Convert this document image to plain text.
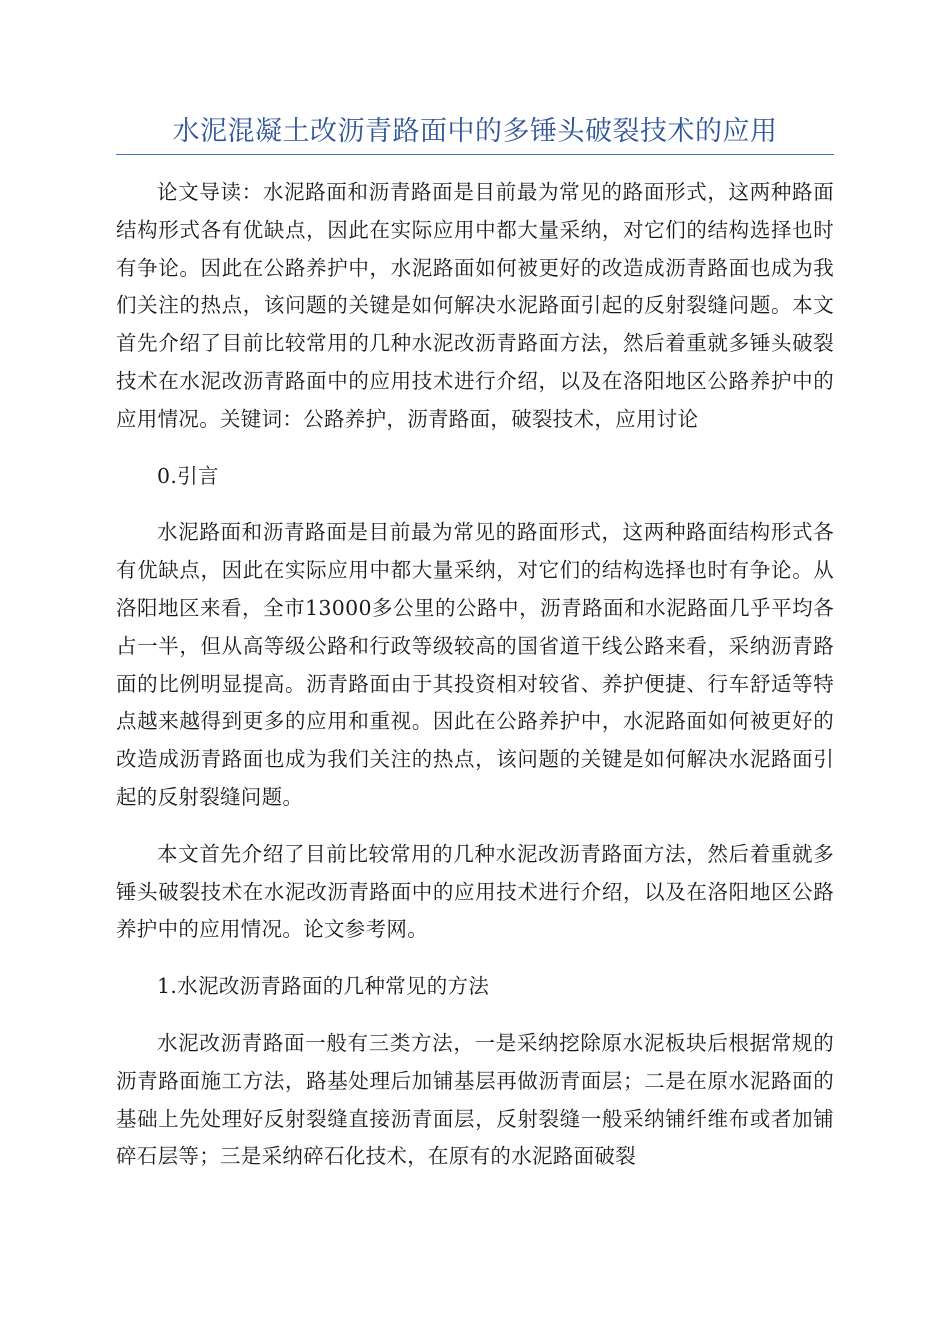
水泥混凝土改沥青路面中的多锤头破裂技术的应用

论文导读：水泥路面和沥青路面是目前最为常见的路面形式，这两种路面结构形式各有优缺点，因此在实际应用中都大量采纳，对它们的结构选择也时有争论。因此在公路养护中，水泥路面如何被更好的改造成沥青路面也成为我们关注的热点，该问题的关键是如何解决水泥路面引起的反射裂缝问题。本文首先介绍了目前比较常用的几种水泥改沥青路面方法，然后着重就多锤头破裂技术在水泥改沥青路面中的应用技术进行介绍，以及在洛阳地区公路养护中的应用情况。关键词：公路养护，沥青路面，破裂技术，应用讨论

0.引言

水泥路面和沥青路面是目前最为常见的路面形式，这两种路面结构形式各有优缺点，因此在实际应用中都大量采纳，对它们的结构选择也时有争论。从洛阳地区来看，全市13000多公里的公路中，沥青路面和水泥路面几乎平均各占一半，但从高等级公路和行政等级较高的国省道干线公路来看，采纳沥青路面的比例明显提高。沥青路面由于其投资相对较省、养护便捷、行车舒适等特点越来越得到更多的应用和重视。因此在公路养护中，水泥路面如何被更好的改造成沥青路面也成为我们关注的热点，该问题的关键是如何解决水泥路面引起的反射裂缝问题。

本文首先介绍了目前比较常用的几种水泥改沥青路面方法，然后着重就多锤头破裂技术在水泥改沥青路面中的应用技术进行介绍，以及在洛阳地区公路养护中的应用情况。论文参考网。

1.水泥改沥青路面的几种常见的方法

水泥改沥青路面一般有三类方法，一是采纳挖除原水泥板块后根据常规的沥青路面施工方法，路基处理后加铺基层再做沥青面层；二是在原水泥路面的基础上先处理好反射裂缝直接沥青面层，反射裂缝一般采纳铺纤维布或者加铺碎石层等；三是采纳碎石化技术，在原有的水泥路面破裂
